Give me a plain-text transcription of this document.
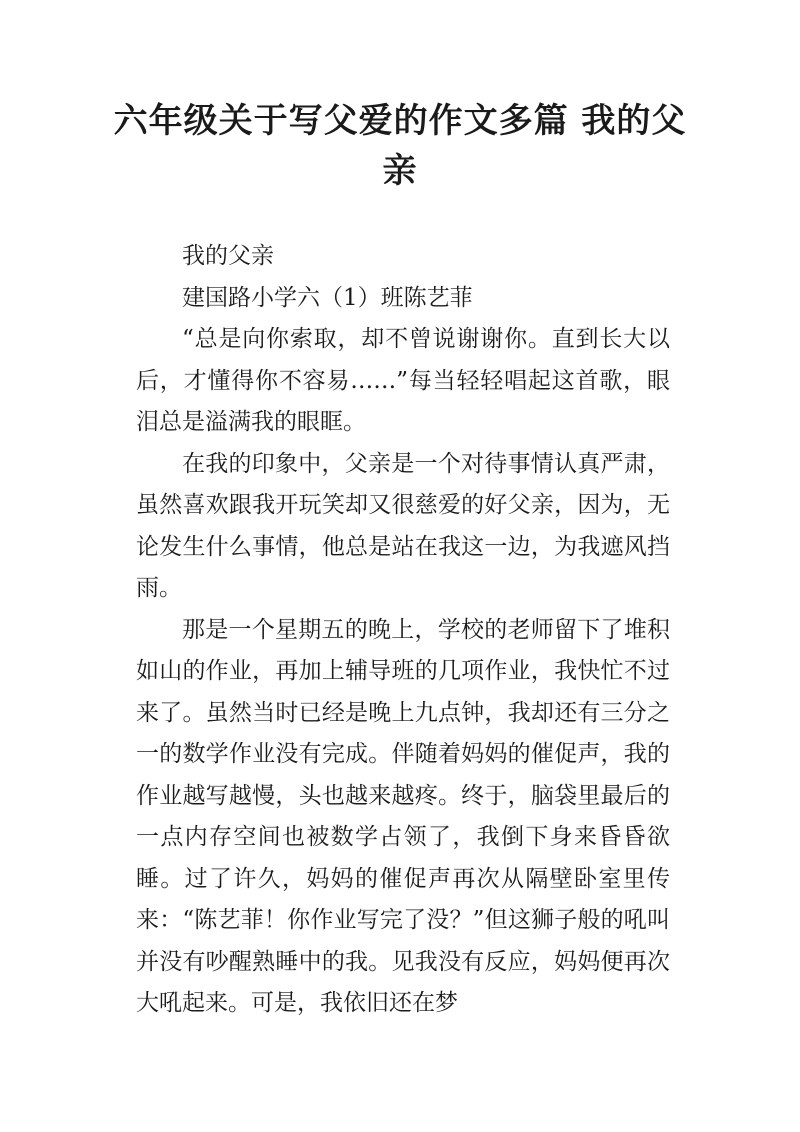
六年级关于写父爱的作文多篇 我的父亲

我的父亲

建国路小学六（1）班陈艺菲

“总是向你索取，却不曾说谢谢你。直到长大以后，才懂得你不容易……”每当轻轻唱起这首歌，眼泪总是溢满我的眼眶。

在我的印象中，父亲是一个对待事情认真严肃，虽然喜欢跟我开玩笑却又很慈爱的好父亲，因为，无论发生什么事情，他总是站在我这一边，为我遮风挡雨。

那是一个星期五的晚上，学校的老师留下了堆积如山的作业，再加上辅导班的几项作业，我快忙不过来了。虽然当时已经是晚上九点钟，我却还有三分之一的数学作业没有完成。伴随着妈妈的催促声，我的作业越写越慢，头也越来越疼。终于，脑袋里最后的一点内存空间也被数学占领了，我倒下身来昏昏欲睡。过了许久，妈妈的催促声再次从隔壁卧室里传来：“陈艺菲！你作业写完了没？”但这狮子般的吼叫并没有吵醒熟睡中的我。见我没有反应，妈妈便再次大吼起来。可是，我依旧还在梦
